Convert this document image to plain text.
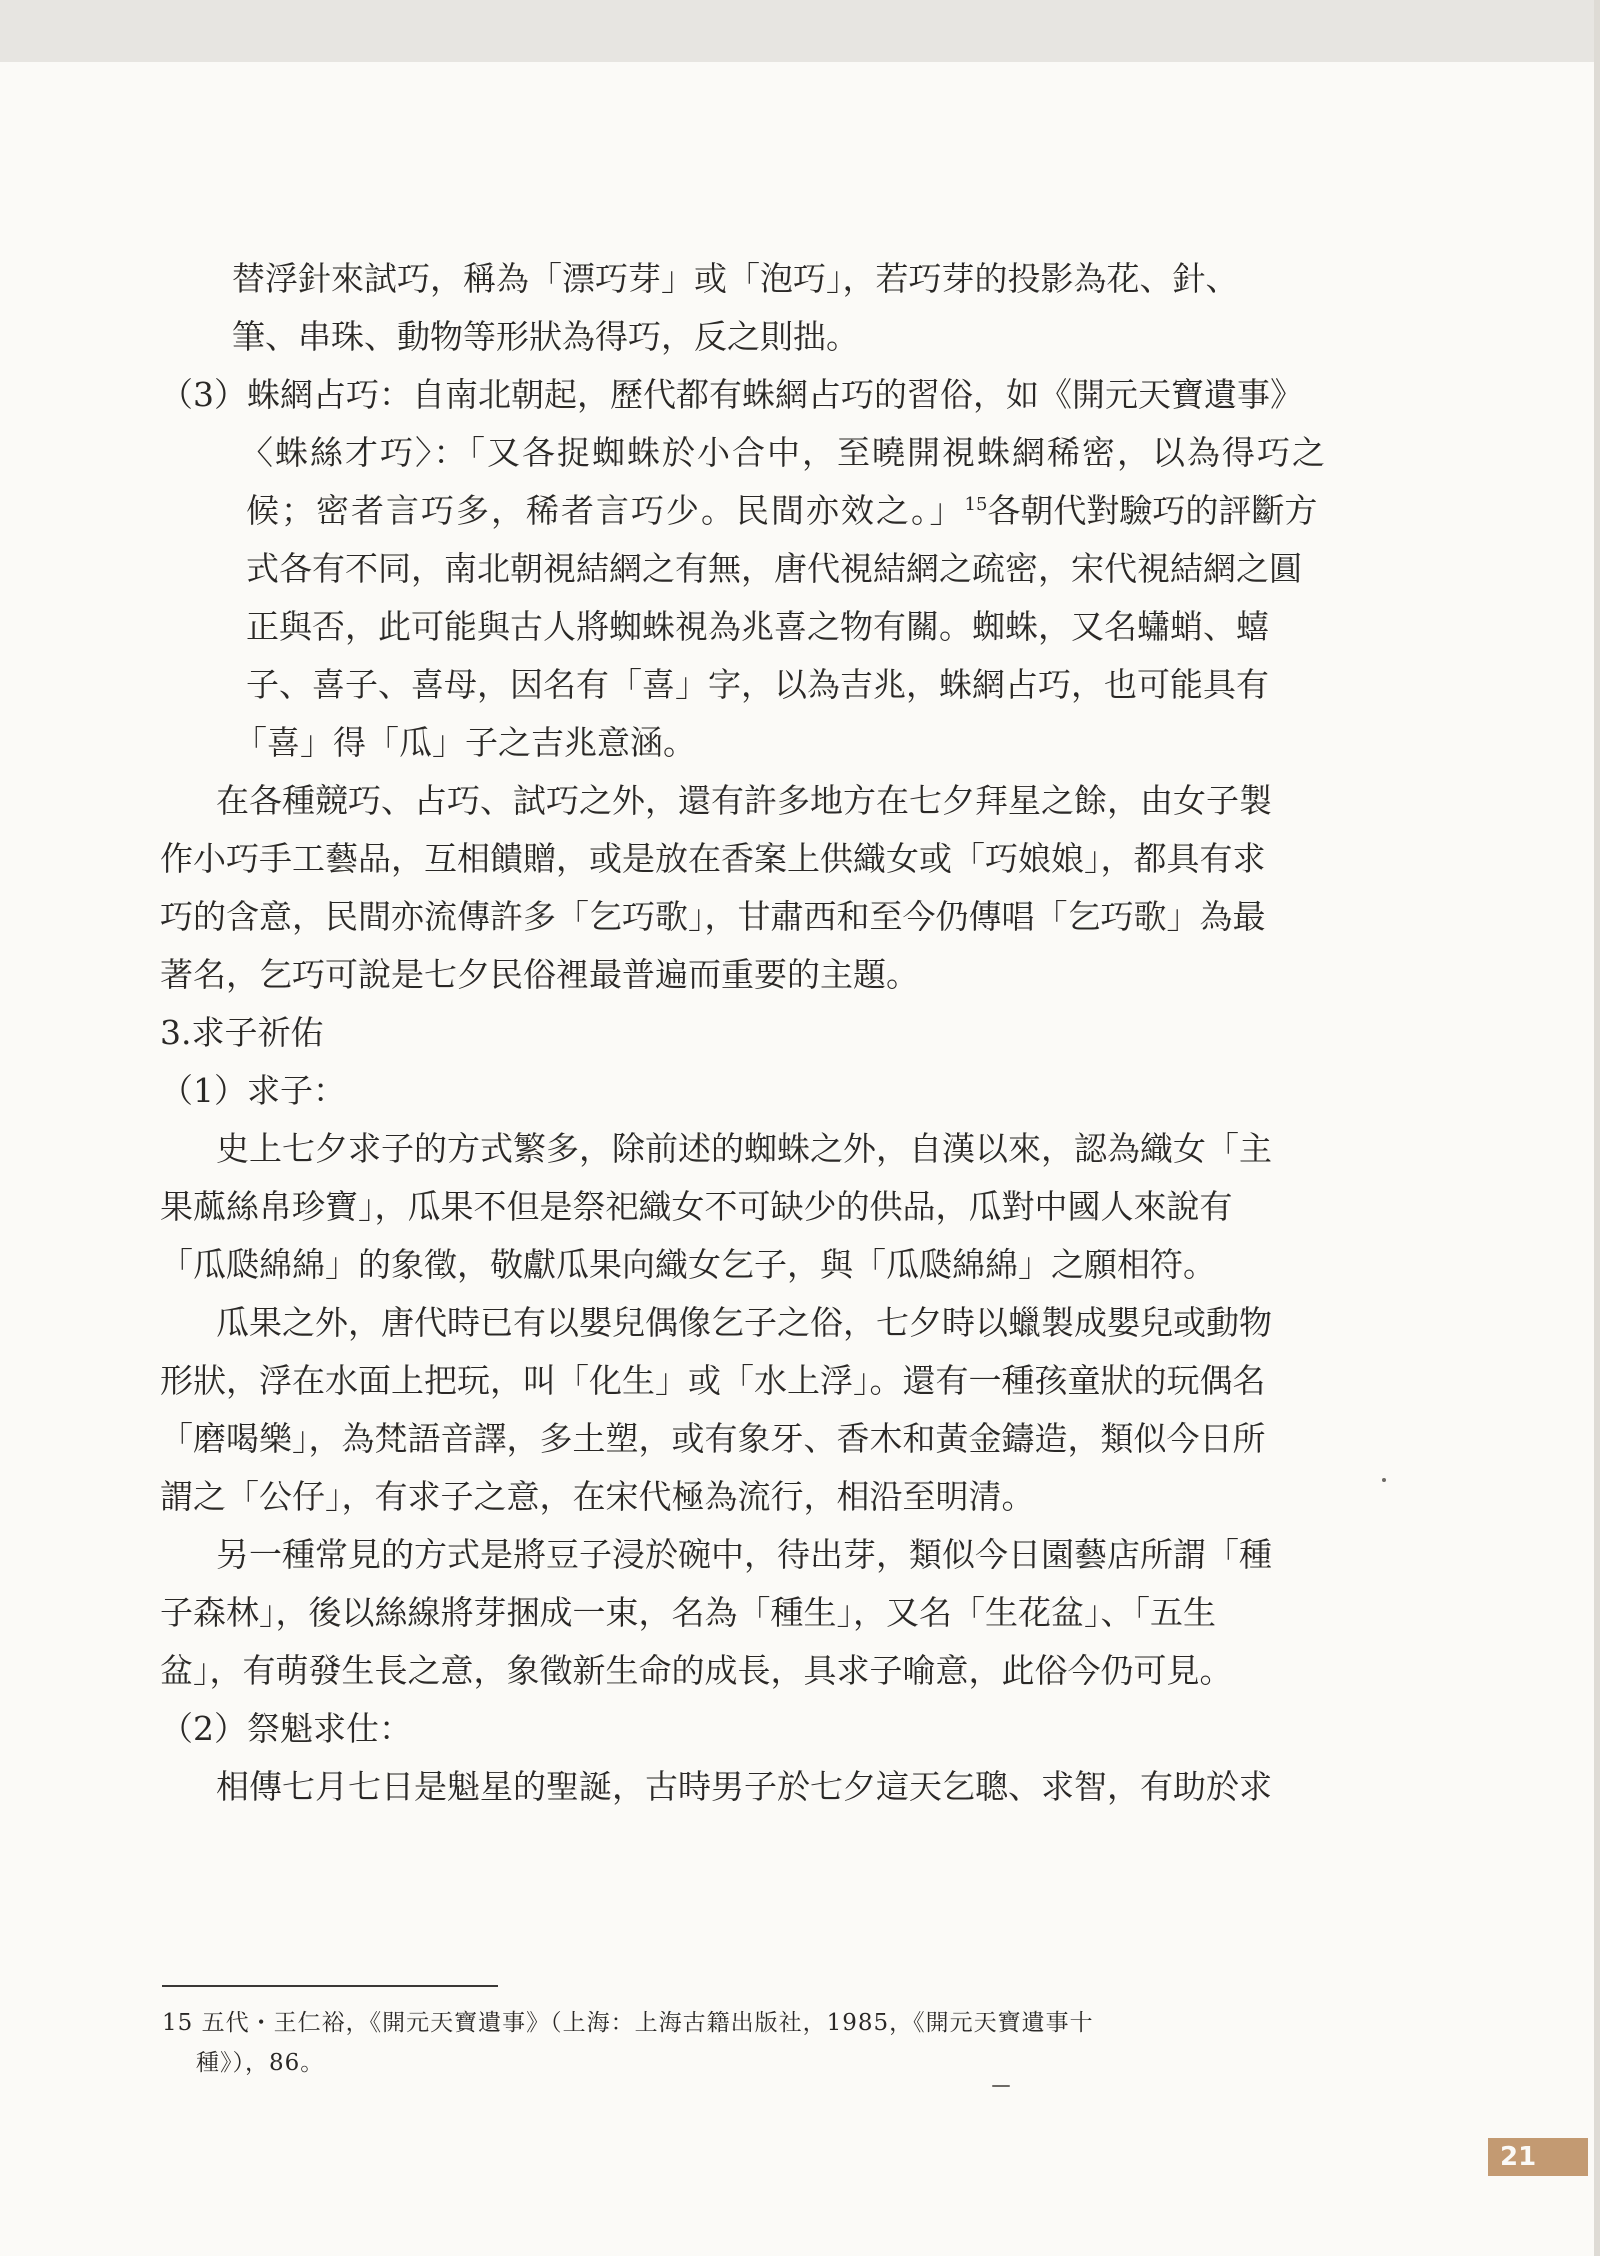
替浮針來試巧，稱為「漂巧芽」或「泡巧」，若巧芽的投影為花、針、
筆、串珠、動物等形狀為得巧，反之則拙。
（3）蛛網占巧：自南北朝起，歷代都有蛛網占巧的習俗，如《開元天寶遺事》
〈蛛絲才巧〉：「又各捉蜘蛛於小合中，至曉開視蛛網稀密，以為得巧之
候；密者言巧多，稀者言巧少。民間亦效之。」$^{15}$各朝代對驗巧的評斷方
式各有不同，南北朝視結網之有無，唐代視結網之疏密，宋代視結網之圓
正與否，此可能與古人將蜘蛛視為兆喜之物有關。蜘蛛，又名蠨蛸、蟢
子、喜子、喜母，因名有「喜」字，以為吉兆，蛛網占巧，也可能具有
「喜」得「瓜」子之吉兆意涵。
在各種競巧、占巧、試巧之外，還有許多地方在七夕拜星之餘，由女子製
作小巧手工藝品，互相饋贈，或是放在香案上供織女或「巧娘娘」，都具有求
巧的含意，民間亦流傳許多「乞巧歌」，甘肅西和至今仍傳唱「乞巧歌」為最
著名，乞巧可說是七夕民俗裡最普遍而重要的主題。
3.求子祈佑
（1）求子：
史上七夕求子的方式繁多，除前述的蜘蛛之外，自漢以來，認為織女「主
果蓏絲帛珍寶」，瓜果不但是祭祀織女不可缺少的供品，瓜對中國人來說有
「瓜瓞綿綿」的象徵，敬獻瓜果向織女乞子，與「瓜瓞綿綿」之願相符。
瓜果之外，唐代時已有以嬰兒偶像乞子之俗，七夕時以蠟製成嬰兒或動物
形狀，浮在水面上把玩，叫「化生」或「水上浮」。還有一種孩童狀的玩偶名
「磨喝樂」，為梵語音譯，多土塑，或有象牙、香木和黃金鑄造，類似今日所
謂之「公仔」，有求子之意，在宋代極為流行，相沿至明清。
另一種常見的方式是將豆子浸於碗中，待出芽，類似今日園藝店所謂「種
子森林」，後以絲線將芽捆成一束，名為「種生」，又名「生花盆」、「五生
盆」，有萌發生長之意，象徵新生命的成長，具求子喻意，此俗今仍可見。
（2）祭魁求仕：
相傳七月七日是魁星的聖誕，古時男子於七夕這天乞聰、求智，有助於求
15 五代・王仁裕，《開元天寶遺事》（上海：上海古籍出版社，1985，《開元天寶遺事十
種》），86。
21
